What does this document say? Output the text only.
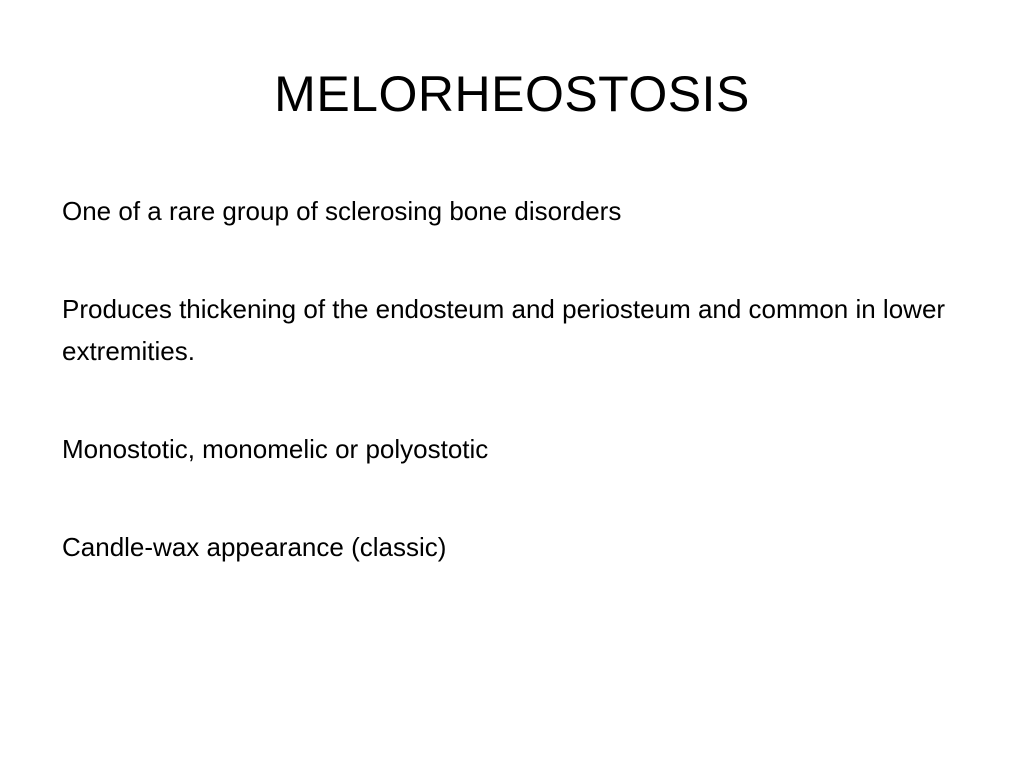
MELORHEOSTOSIS
One of a rare group of sclerosing bone disorders
Produces thickening of the endosteum and periosteum and common in lower extremities.
Monostotic, monomelic or polyostotic
Candle-wax appearance (classic)
